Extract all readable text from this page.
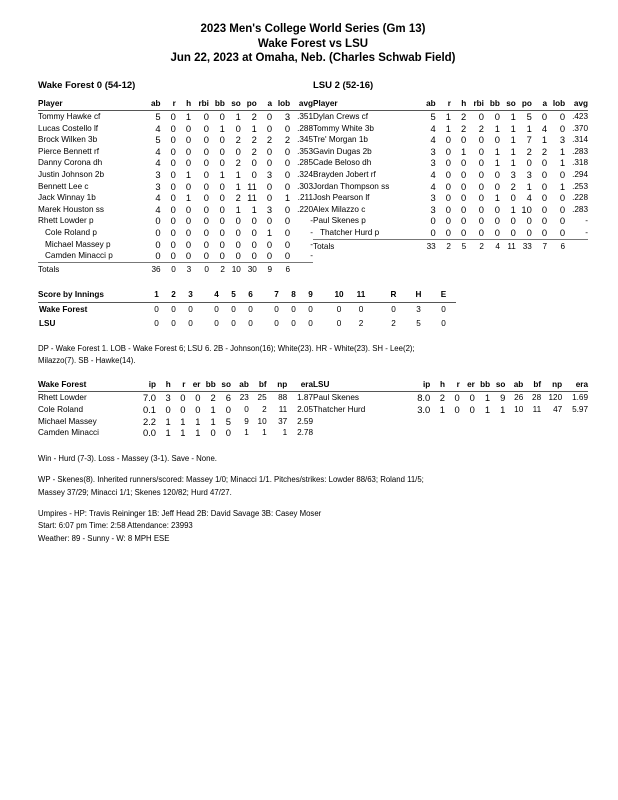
2023 Men's College World Series (Gm 13)
Wake Forest vs LSU
Jun 22, 2023 at Omaha, Neb. (Charles Schwab Field)
Wake Forest 0 (54-12)	LSU 2 (52-16)
Player	ab	r	h	rbi	bb	so	po	a	lob	avg
Tommy Hawke cf	5	0	1	0	0	1	2	0	3	.351
Lucas Costello lf	4	0	0	0	1	0	1	0	0	.288
Brock Wilken 3b	5	0	0	0	0	2	2	2	2	.345
Pierce Bennett rf	4	0	0	0	0	0	2	0	0	.353
Danny Corona dh	4	0	0	0	0	2	0	0	0	.285
Justin Johnson 2b	3	0	1	0	1	1	0	3	0	.324
Bennett Lee c	3	0	0	0	0	1	11	0	0	.303
Jack Winnay 1b	4	0	1	0	0	2	11	0	1	.211
Marek Houston ss	4	0	0	0	0	1	1	3	0	.220
Rhett Lowder p	0	0	0	0	0	0	0	0	0	-
Cole Roland p	0	0	0	0	0	0	0	1	0	-
Michael Massey p	0	0	0	0	0	0	0	0	0	-
Camden Minacci p	0	0	0	0	0	0	0	0	0	-
Totals	36	0	3	0	2	10	30	9	6	
Player	ab	r	h	rbi	bb	so	po	a	lob	avg
Dylan Crews cf	5	1	2	0	0	1	5	0	0	.423
Tommy White 3b	4	1	2	2	1	1	1	4	0	.370
Tre' Morgan 1b	4	0	0	0	0	1	7	1	3	.314
Gavin Dugas 2b	3	0	1	0	1	1	2	2	1	.283
Cade Beloso dh	3	0	0	0	1	1	0	0	1	.318
Brayden Jobert rf	4	0	0	0	0	3	3	0	0	.294
Jordan Thompson ss	4	0	0	0	0	2	1	0	1	.253
Josh Pearson lf	3	0	0	0	1	0	4	0	0	.228
Alex Milazzo c	3	0	0	0	0	1	10	0	0	.283
Paul Skenes p	0	0	0	0	0	0	0	0	0	-
Thatcher Hurd p	0	0	0	0	0	0	0	0	0	-
Totals	33	2	5	2	4	11	33	7	6	
Score by Innings	1	2	3		4	5	6		7	8	9		10	11		R	H	E
Wake Forest	0	0	0		0	0	0		0	0	0		0	0		0	3	0
LSU	0	0	0		0	0	0		0	0	0		0	2		2	5	0
DP - Wake Forest 1. LOB - Wake Forest 6; LSU 6. 2B - Johnson(16); White(23). HR - White(23). SH - Lee(2);
Milazzo(7). SB - Hawke(14).
Wake Forest	ip	h	r	er	bb	so	ab	bf	np	era
Rhett Lowder	7.0	3	0	0	2	6	23	25	88	1.87
Cole Roland	0.1	0	0	0	1	0	0	2	11	2.05
Michael Massey	2.2	1	1	1	1	5	9	10	37	2.59
Camden Minacci	0.0	1	1	1	0	0	1	1	1	2.78
LSU	ip	h	r	er	bb	so	ab	bf	np	era
Paul Skenes	8.0	2	0	0	1	9	26	28	120	1.69
Thatcher Hurd	3.0	1	0	0	1	1	10	11	47	5.97
Win - Hurd (7-3). Loss - Massey (3-1). Save - None.
WP - Skenes(8). Inherited runners/scored: Massey 1/0; Minacci 1/1. Pitches/strikes: Lowder 88/63; Roland 11/5;
Massey 37/29; Minacci 1/1; Skenes 120/82; Hurd 47/27.
Umpires - HP: Travis Reininger 1B: Jeff Head 2B: David Savage 3B: Casey Moser
Start: 6:07 pm Time: 2:58 Attendance: 23993
Weather: 89 - Sunny - W: 8 MPH ESE
